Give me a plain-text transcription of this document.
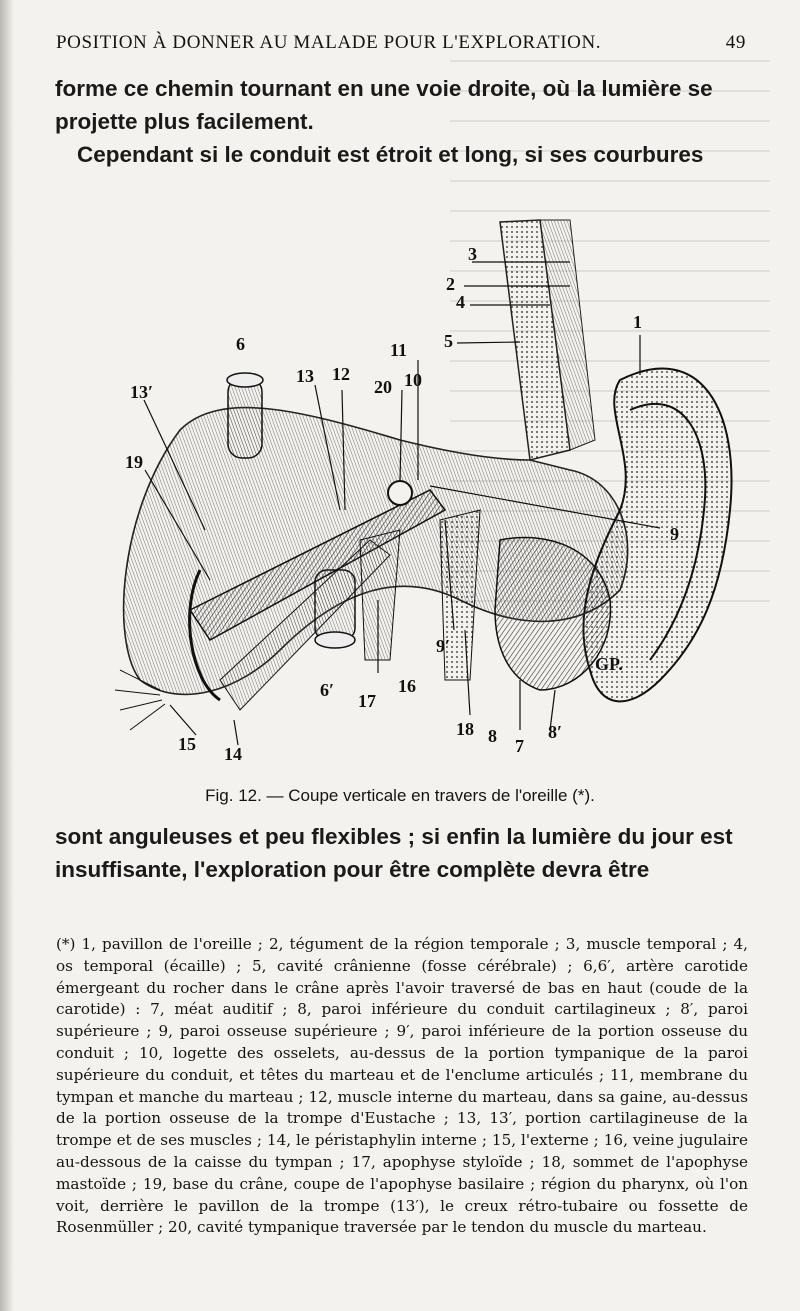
POSITION À DONNER AU MALADE POUR L'EXPLORATION.	49
forme ce chemin tournant en une voie droite, où la lumière se projette plus facilement.
Cependant si le conduit est étroit et long, si ses courbures
3
2
4
5
1
6	11
13 12
20 10
13′
19
9
9′
GP.
6′
17
16
18 8	8′
7
15 14
Fig. 12. — Coupe verticale en travers de l'oreille (*).
sont anguleuses et peu flexibles ; si enfin la lumière du jour est insuffisante, l'exploration pour être complète devra être
(*) 1, pavillon de l'oreille ; 2, tégument de la région temporale ; 3, muscle temporal ; 4, os temporal (écaille) ; 5, cavité crânienne (fosse cérébrale) ; 6,6′, artère carotide émergeant du rocher dans le crâne après l'avoir traversé de bas en haut (coude de la carotide) : 7, méat auditif ; 8, paroi inférieure du conduit cartilagineux ; 8′, paroi supérieure ; 9, paroi osseuse supérieure ; 9′, paroi inférieure de la portion osseuse du conduit ; 10, logette des osselets, au-dessus de la portion tympanique de la paroi supérieure du conduit, et têtes du marteau et de l'enclume articulés ; 11, membrane du tympan et manche du marteau ; 12, muscle interne du marteau, dans sa gaine, au-dessus de la portion osseuse de la trompe d'Eustache ; 13, 13′, portion cartilagineuse de la trompe et de ses muscles ; 14, le péristaphylin interne ; 15, l'externe ; 16, veine jugulaire au-dessous de la caisse du tympan ; 17, apophyse styloïde ; 18, sommet de l'apophyse mastoïde ; 19, base du crâne, coupe de l'apophyse basilaire ; région du pharynx, où l'on voit, derrière le pavillon de la trompe (13′), le creux rétro-tubaire ou fossette de Rosenmüller ; 20, cavité tympanique traversée par le tendon du muscle du marteau.
